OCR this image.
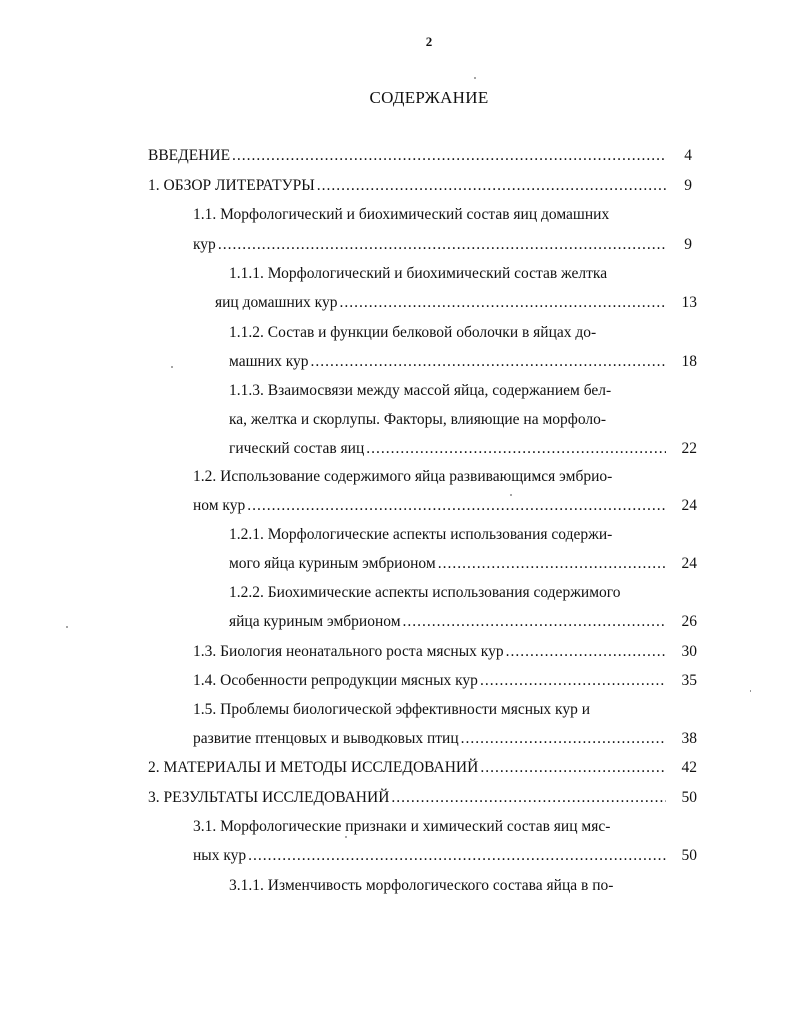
2
СОДЕРЖАНИЕ
ВВЕДЕНИЕ .....	4
1. ОБЗОР ЛИТЕРАТУРЫ .....	9
1.1. Морфологический и биохимический состав яиц домашних
кур .....	9
1.1.1. Морфологический и биохимический состав желтка
яиц домашних кур .....	13
1.1.2. Состав и функции белковой оболочки в яйцах до-
машних кур .....	18
1.1.3. Взаимосвязи между массой яйца, содержанием бел-
ка, желтка и скорлупы. Факторы, влияющие на морфоло-
гический состав яиц .....	22
1.2. Использование содержимого яйца развивающимся эмбрио-
ном кур .....	24
1.2.1. Морфологические аспекты использования содержи-
мого яйца куриным эмбрионом .....	24
1.2.2. Биохимические аспекты использования содержимого
яйца куриным эмбрионом .....	26
1.3. Биология неонатального роста мясных кур .....	30
1.4. Особенности репродукции мясных кур .....	35
1.5. Проблемы биологической эффективности мясных кур и
развитие птенцовых и выводковых птиц .....	38
2. МАТЕРИАЛЫ И МЕТОДЫ ИССЛЕДОВАНИЙ .....	42
3. РЕЗУЛЬТАТЫ ИССЛЕДОВАНИЙ .....	50
3.1. Морфологические признаки и химический состав яиц мяс-
ных кур .....	50
3.1.1. Изменчивость морфологического состава яйца в по-
